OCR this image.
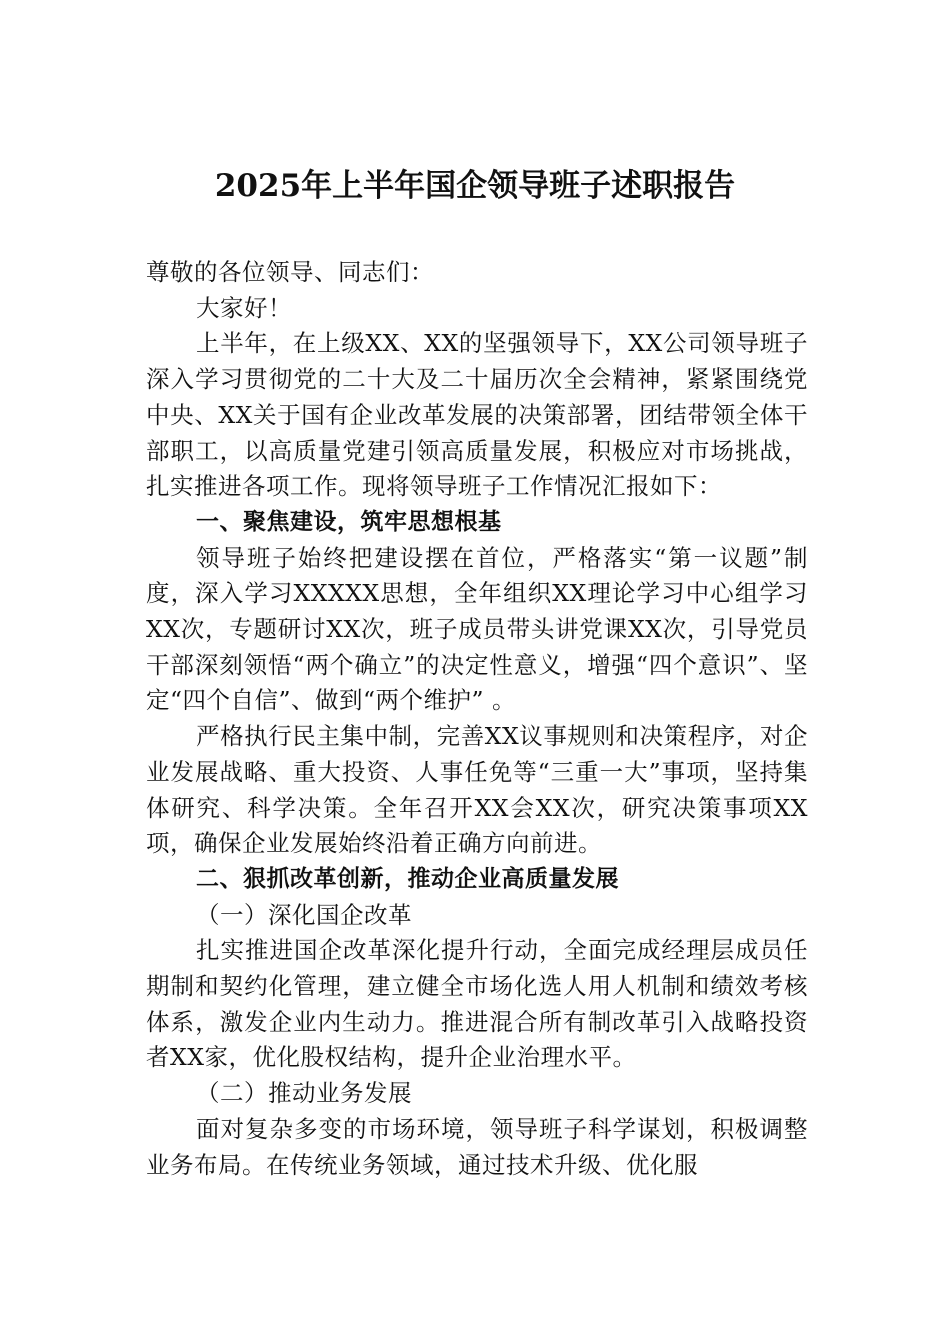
2025年上半年国企领导班子述职报告

尊敬的各位领导、同志们：

大家好！

上半年，在上级XX、XX的坚强领导下，XX公司领导班子深入学习贯彻党的二十大及二十届历次全会精神，紧紧围绕党中央、XX关于国有企业改革发展的决策部署，团结带领全体干部职工，以高质量党建引领高质量发展，积极应对市场挑战，扎实推进各项工作。现将领导班子工作情况汇报如下：

一、聚焦建设，筑牢思想根基

领导班子始终把建设摆在首位，严格落实“第一议题”制度，深入学习XXXXX思想，全年组织XX理论学习中心组学习XX次，专题研讨XX次，班子成员带头讲党课XX次，引导党员干部深刻领悟“两个确立”的决定性意义，增强“四个意识”、坚定“四个自信”、做到“两个维护” 。

严格执行民主集中制，完善XX议事规则和决策程序，对企业发展战略、重大投资、人事任免等“三重一大”事项，坚持集体研究、科学决策。全年召开XX会XX次，研究决策事项XX项，确保企业发展始终沿着正确方向前进。

二、狠抓改革创新，推动企业高质量发展

（一）深化国企改革

扎实推进国企改革深化提升行动，全面完成经理层成员任期制和契约化管理，建立健全市场化选人用人机制和绩效考核体系，激发企业内生动力。推进混合所有制改革引入战略投资者XX家，优化股权结构，提升企业治理水平。

（二）推动业务发展

面对复杂多变的市场环境，领导班子科学谋划，积极调整业务布局。在传统业务领域，通过技术升级、优化服
